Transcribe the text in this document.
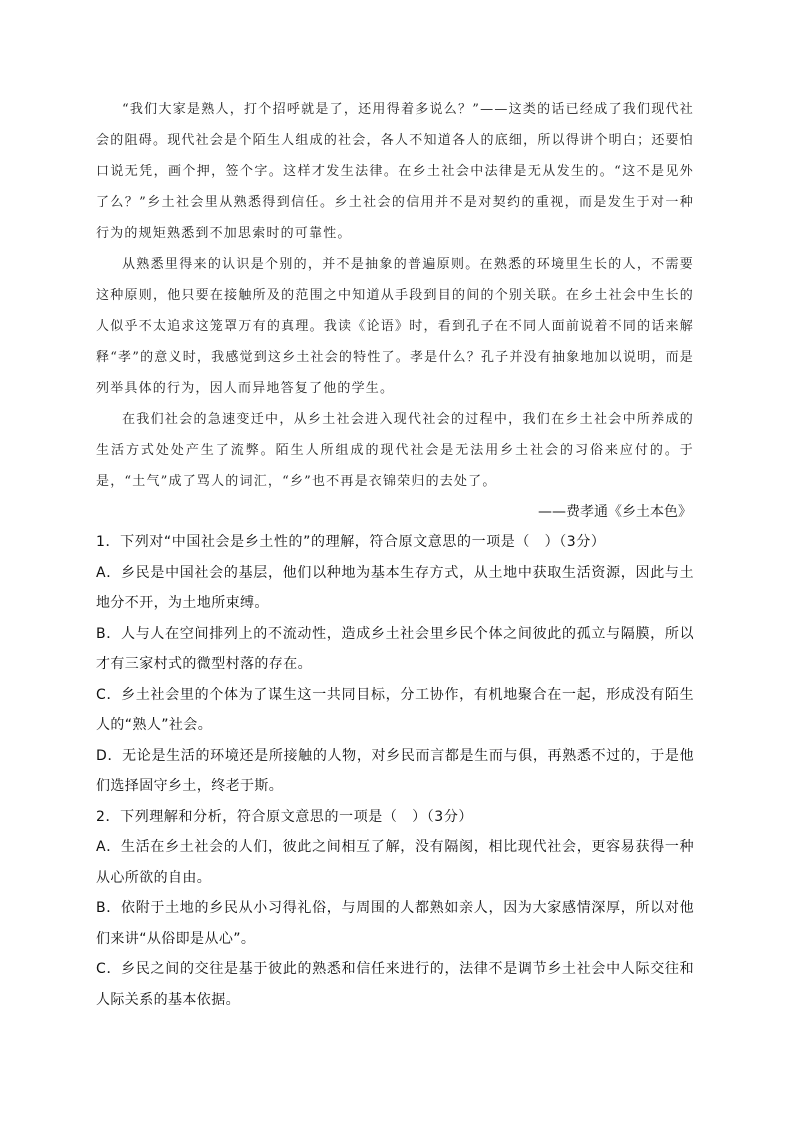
“我们大家是熟人，打个招呼就是了，还用得着多说么？”——这类的话已经成了我们现代社会的阻碍。现代社会是个陌生人组成的社会，各人不知道各人的底细，所以得讲个明白；还要怕口说无凭，画个押，签个字。这样才发生法律。在乡土社会中法律是无从发生的。“这不是见外了么？”乡土社会里从熟悉得到信任。乡土社会的信用并不是对契约的重视，而是发生于对一种行为的规矩熟悉到不加思索时的可靠性。

从熟悉里得来的认识是个别的，并不是抽象的普遍原则。在熟悉的环境里生长的人，不需要这种原则，他只要在接触所及的范围之中知道从手段到目的间的个别关联。在乡土社会中生长的人似乎不太追求这笼罩万有的真理。我读《论语》时，看到孔子在不同人面前说着不同的话来解释“孝”的意义时，我感觉到这乡土社会的特性了。孝是什么？孔子并没有抽象地加以说明，而是列举具体的行为，因人而异地答复了他的学生。

在我们社会的急速变迁中，从乡土社会进入现代社会的过程中，我们在乡土社会中所养成的生活方式处处产生了流弊。陌生人所组成的现代社会是无法用乡土社会的习俗来应付的。于是，“土气”成了骂人的词汇，“乡”也不再是衣锦荣归的去处了。

——费孝通《乡土本色》

1．下列对“中国社会是乡土性的”的理解，符合原文意思的一项是（　）（3分）

A．乡民是中国社会的基层，他们以种地为基本生存方式，从土地中获取生活资源，因此与土地分不开，为土地所束缚。

B．人与人在空间排列上的不流动性，造成乡土社会里乡民个体之间彼此的孤立与隔膜，所以才有三家村式的微型村落的存在。

C．乡土社会里的个体为了谋生这一共同目标，分工协作，有机地聚合在一起，形成没有陌生人的“熟人”社会。

D．无论是生活的环境还是所接触的人物，对乡民而言都是生而与俱，再熟悉不过的，于是他们选择固守乡土，终老于斯。

2．下列理解和分析，符合原文意思的一项是（　）（3分）

A．生活在乡土社会的人们，彼此之间相互了解，没有隔阂，相比现代社会，更容易获得一种从心所欲的自由。

B．依附于土地的乡民从小习得礼俗，与周围的人都熟如亲人，因为大家感情深厚，所以对他们来讲“从俗即是从心”。

C．乡民之间的交往是基于彼此的熟悉和信任来进行的，法律不是调节乡土社会中人际交往和人际关系的基本依据。
